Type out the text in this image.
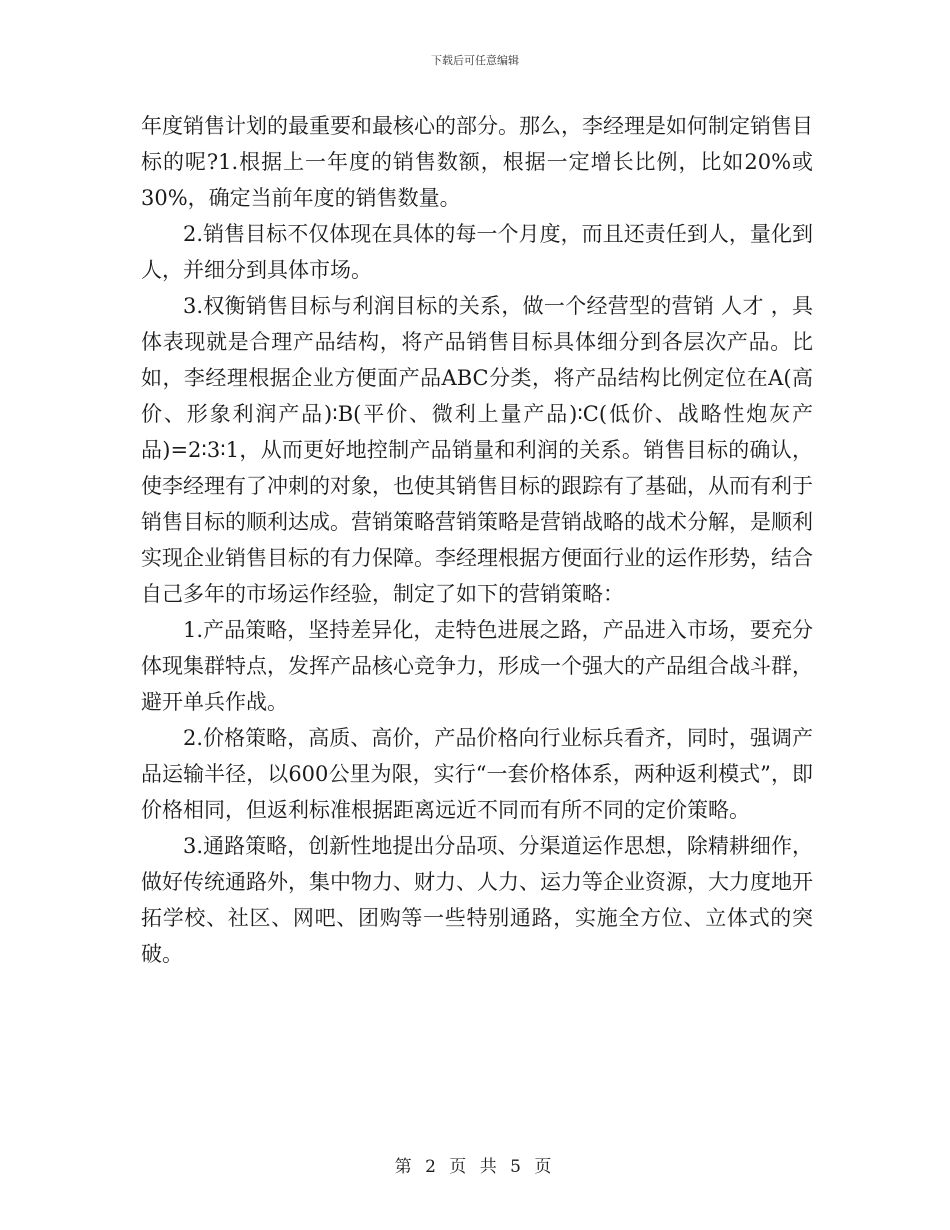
下载后可任意编辑

年度销售计划的最重要和最核心的部分。那么，李经理是如何制定销售目标的呢?1.根据上一年度的销售数额，根据一定增长比例，比如20%或30%，确定当前年度的销售数量。

2.销售目标不仅体现在具体的每一个月度，而且还责任到人，量化到人，并细分到具体市场。

3.权衡销售目标与利润目标的关系，做一个经营型的营销 人才 ，具体表现就是合理产品结构，将产品销售目标具体细分到各层次产品。比如，李经理根据企业方便面产品ABC分类，将产品结构比例定位在A(高价、形象利润产品)∶B(平价、微利上量产品)∶C(低价、战略性炮灰产品)=2∶3∶1，从而更好地控制产品销量和利润的关系。销售目标的确认，使李经理有了冲刺的对象，也使其销售目标的跟踪有了基础，从而有利于销售目标的顺利达成。营销策略营销策略是营销战略的战术分解，是顺利实现企业销售目标的有力保障。李经理根据方便面行业的运作形势，结合自己多年的市场运作经验，制定了如下的营销策略：

1.产品策略，坚持差异化，走特色进展之路，产品进入市场，要充分体现集群特点，发挥产品核心竞争力，形成一个强大的产品组合战斗群，避开单兵作战。

2.价格策略，高质、高价，产品价格向行业标兵看齐，同时，强调产品运输半径，以600公里为限，实行“一套价格体系，两种返利模式”，即价格相同，但返利标准根据距离远近不同而有所不同的定价策略。

3.通路策略，创新性地提出分品项、分渠道运作思想，除精耕细作，做好传统通路外，集中物力、财力、人力、运力等企业资源，大力度地开拓学校、社区、网吧、团购等一些特别通路，实施全方位、立体式的突破。

第 2 页 共 5 页
